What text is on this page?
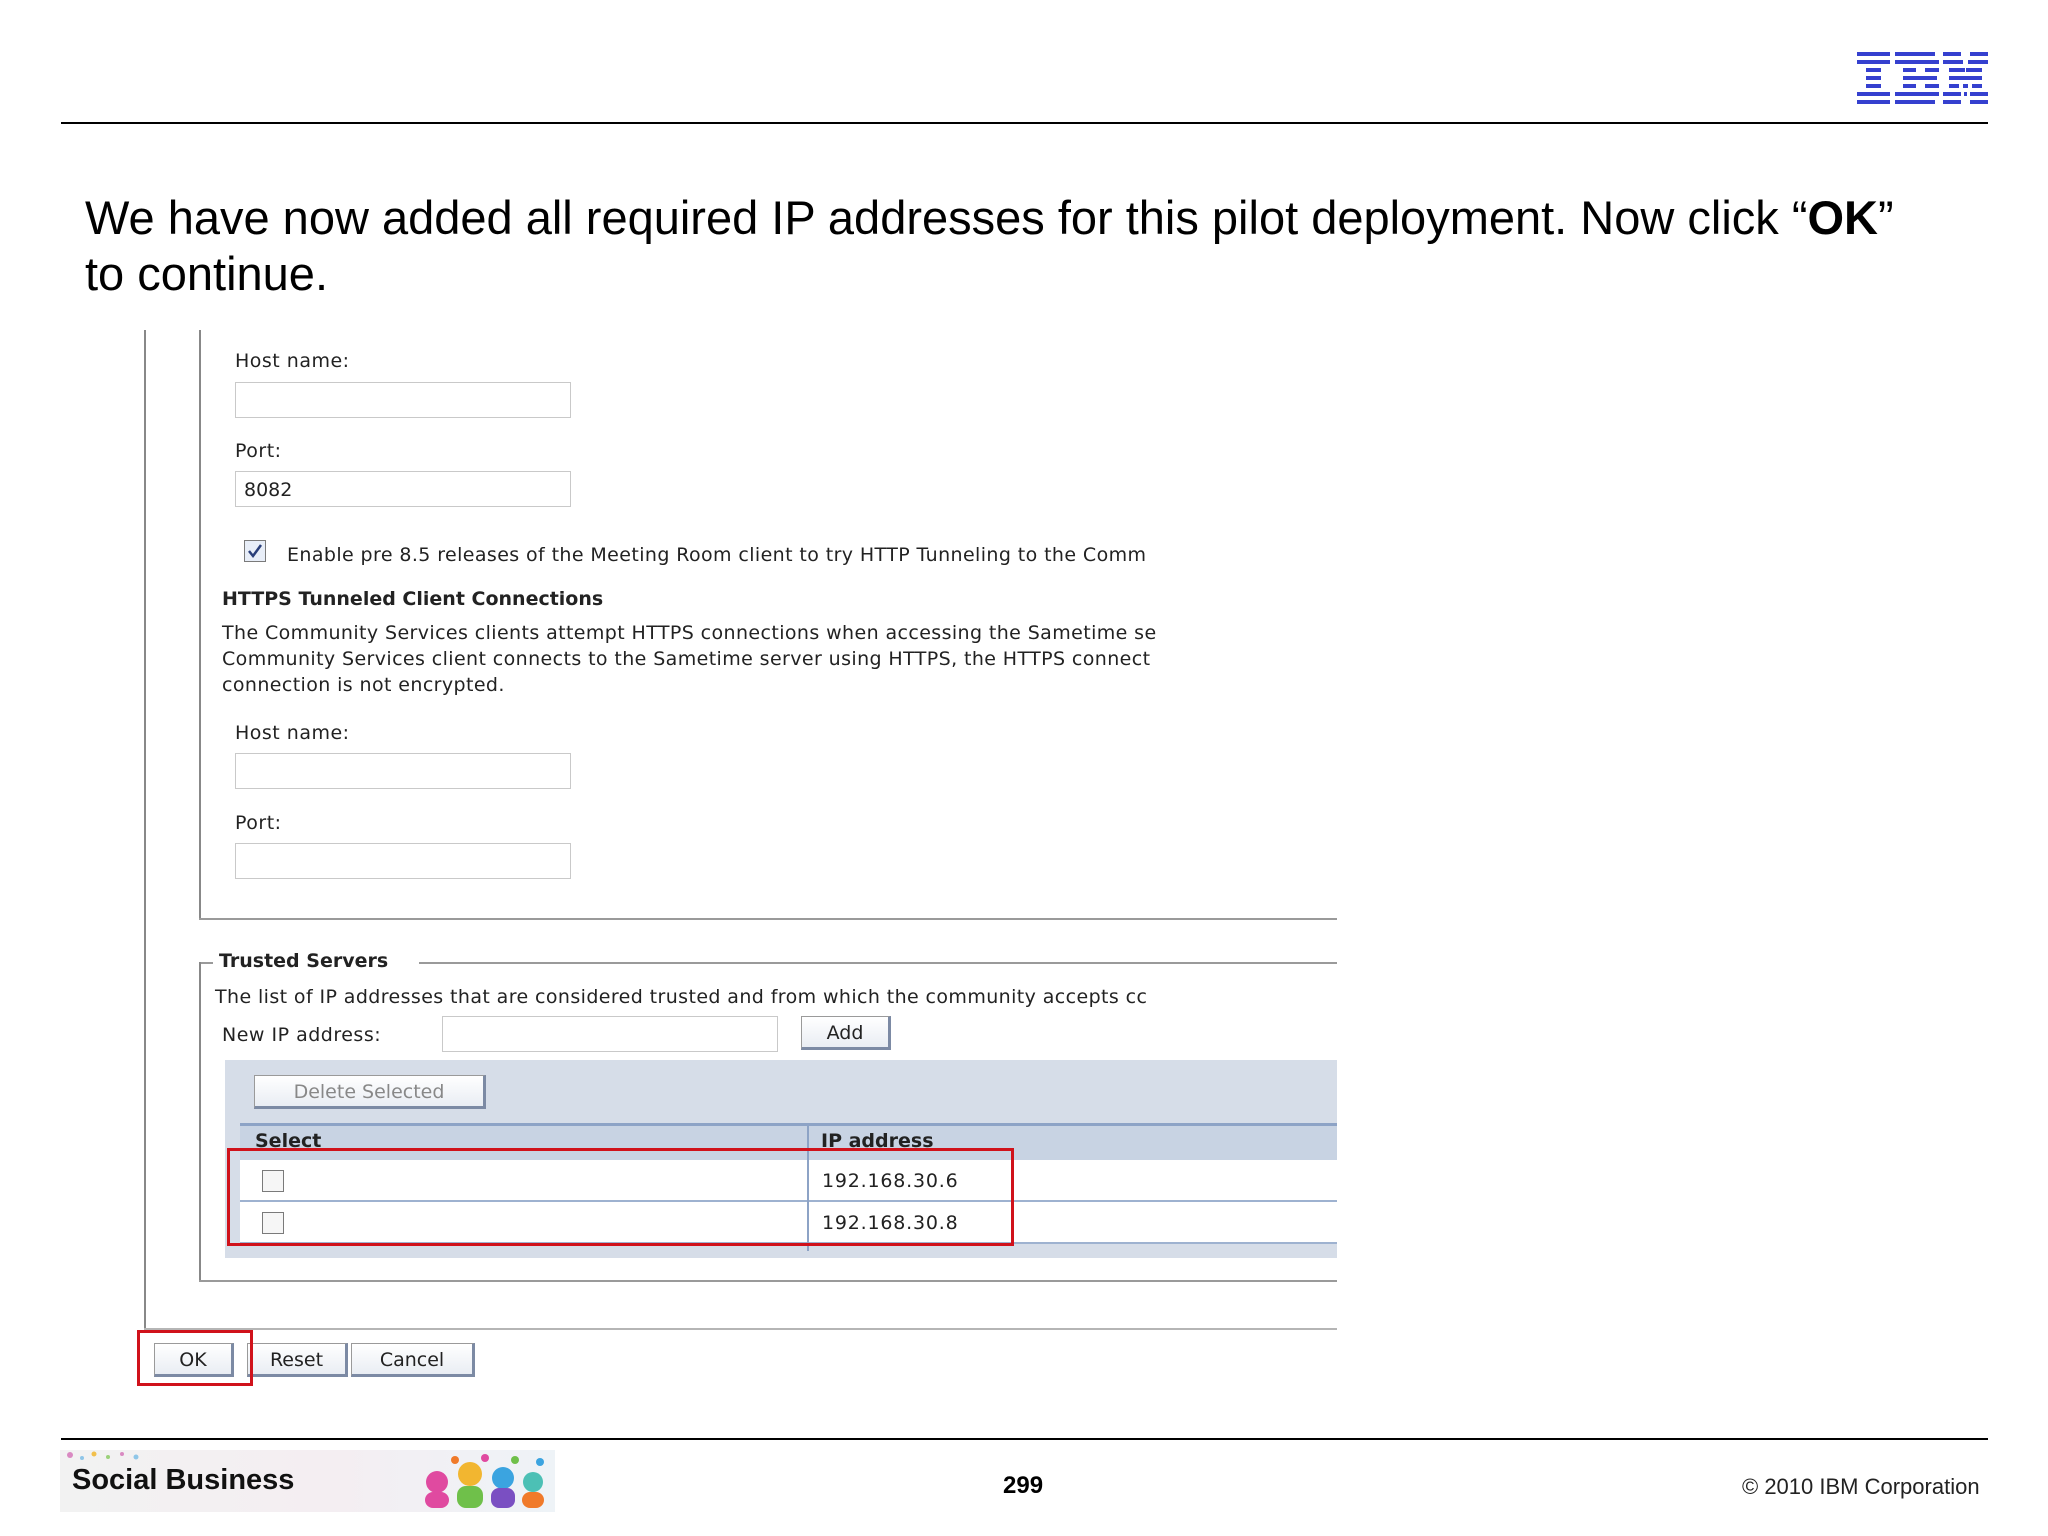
We have now added all required IP addresses for this pilot deployment. Now click “OK” to continue.
Host name:
Port:
8082
Enable pre 8.5 releases of the Meeting Room client to try HTTP Tunneling to the Comm
HTTPS Tunneled Client Connections
The Community Services clients attempt HTTPS connections when accessing the Sametime se
Community Services client connects to the Sametime server using HTTPS, the HTTPS connect
connection is not encrypted.
Host name:
Port:
Trusted Servers
The list of IP addresses that are considered trusted and from which the community accepts cc
New IP address:	Add
Delete Selected
Select	IP address
192.168.30.6
192.168.30.8
OK	Reset	Cancel
Social Business	299	© 2010 IBM Corporation
